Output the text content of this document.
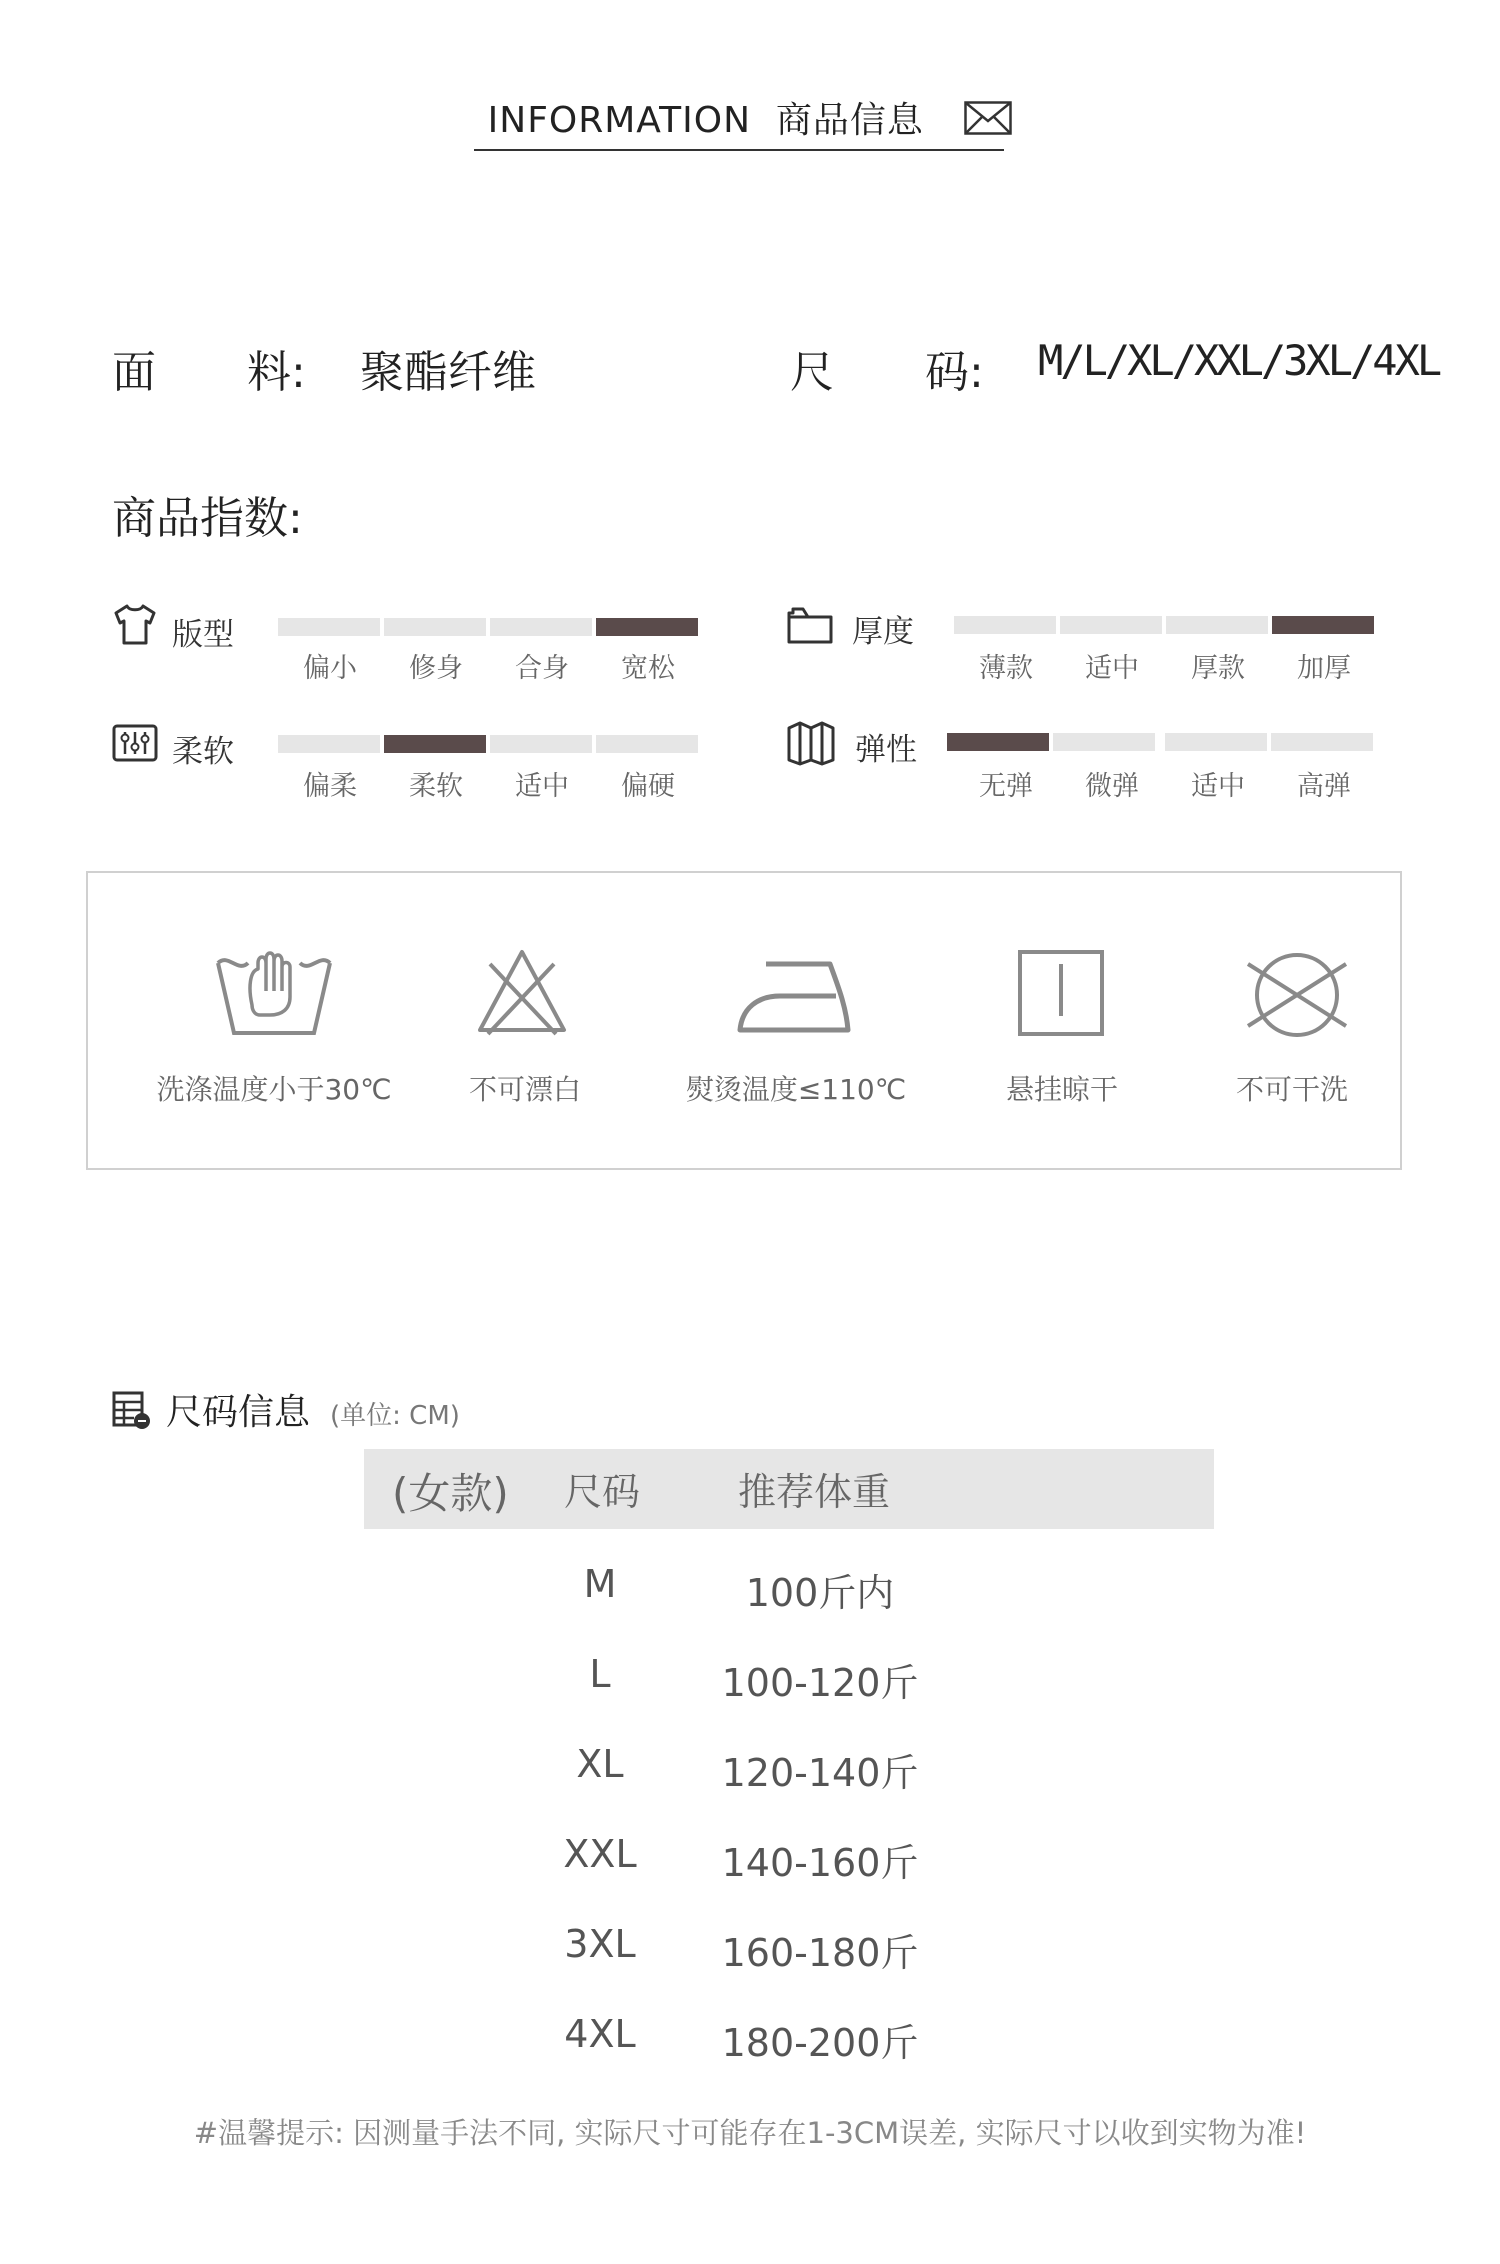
INFORMATION  商品信息
面 料: 聚酯纤维	尺 码: M/L/XL/XXL/3XL/4XL
商品指数:
版型
偏小	修身	合身	宽松
厚度
薄款	适中	厚款	加厚
柔软
偏柔	柔软	适中	偏硬
弹性
无弹	微弹	适中	高弹
洗涤温度小于30℃	不可漂白	熨烫温度≤110℃	悬挂晾干	不可干洗
尺码信息 (单位: CM)
(女款) 尺码	推荐体重
M	100斤内
L	100-120斤
XL	120-140斤
XXL	140-160斤
3XL	160-180斤
4XL	180-200斤
#温馨提示: 因测量手法不同, 实际尺寸可能存在1-3CM误差, 实际尺寸以收到实物为准!
